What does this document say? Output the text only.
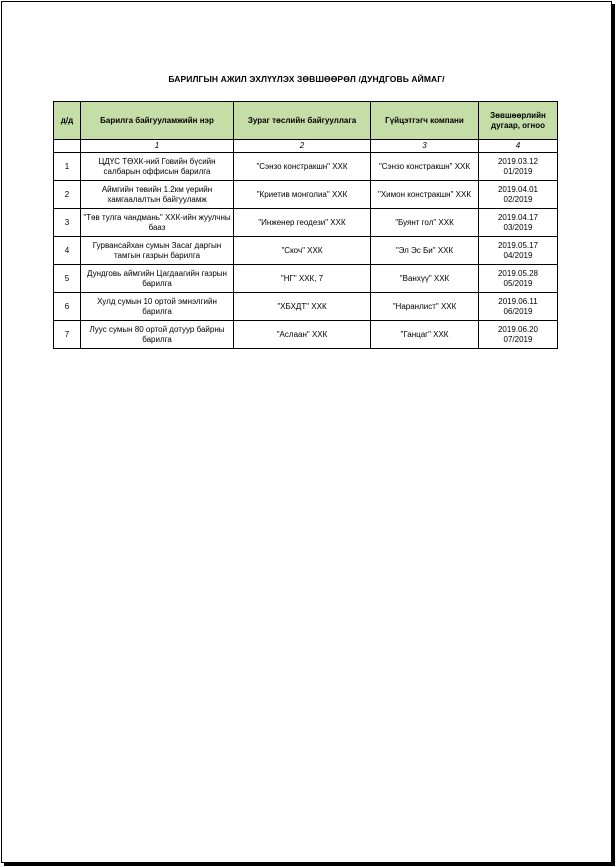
БАРИЛГЫН АЖИЛ ЭХЛҮҮЛЭХ ЗӨВШӨӨРӨЛ /ДУНДГОВЬ АЙМАГ/
д/д	Барилга байгууламжийн нэр	Зураг төслийн байгууллага	Гүйцэтгэгч компани	Зөвшөөрлийн дугаар, огноо
	1	2	3	4
1	ЦДҮС ТӨХК-ний Говийн бүсийн салбарын оффисын барилга	"Сэнзо констракшн" ХХК	"Сэнзо констракшн" ХХК	2019.03.12
01/2019
2	Аймгийн төвийн 1.2км үерийн хамгаалалтын байгууламж	"Криетив монголиа" ХХК	"Химон констракшн" ХХК	2019.04.01
02/2019
3	"Төв тулга чандмань" ХХК-ийн жуулчны бааз	"Инженер геодези" ХХК	"Буянт гол" ХХК	2019.04.17
03/2019
4	Гурвансайхан сумын Засаг даргын тамгын газрын барилга	"Скоч" ХХК	"Эл Эс Би" ХХК	2019.05.17
04/2019
5	Дундговь аймгийн Цагдаагийн газрын барилга	"НГ" ХХК, 7	"Ванхүү" ХХК	2019.05.28
05/2019
6	Хулд сумын 10 ортой эмнэлгийн барилга	"ХБХДТ" ХХК	"Наранлист" ХХК	2019.06.11
06/2019
7	Луус сумын 80 ортой дотуур байрны барилга	"Аслаан" ХХК	"Ганцаг" ХХК	2019.06.20
07/2019
